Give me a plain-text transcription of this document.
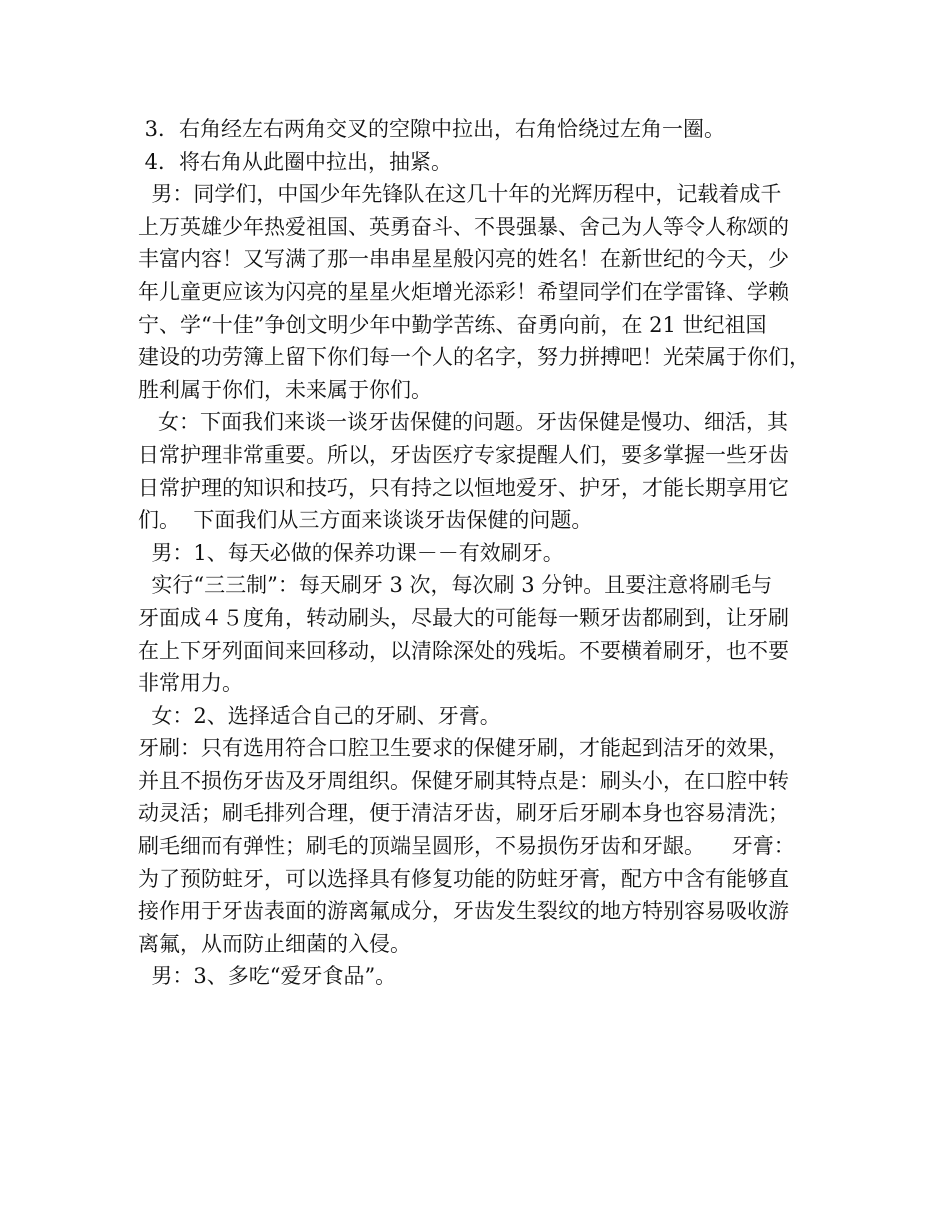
3．右角经左右两角交叉的空隙中拉出，右角恰绕过左角一圈。
4．将右角从此圈中拉出，抽紧。
男：同学们，中国少年先锋队在这几十年的光辉历程中，记载着成千
上万英雄少年热爱祖国、英勇奋斗、不畏强暴、舍己为人等令人称颂的
丰富内容！又写满了那一串串星星般闪亮的姓名！在新世纪的今天，少
年儿童更应该为闪亮的星星火炬增光添彩！希望同学们在学雷锋、学赖
宁、学“十佳”争创文明少年中勤学苦练、奋勇向前，在 21 世纪祖国
建设的功劳簿上留下你们每一个人的名字，努力拼搏吧！光荣属于你们，
胜利属于你们，未来属于你们。
女：下面我们来谈一谈牙齿保健的问题。牙齿保健是慢功、细活，其
日常护理非常重要。所以，牙齿医疗专家提醒人们，要多掌握一些牙齿
日常护理的知识和技巧，只有持之以恒地爱牙、护牙，才能长期享用它
们。  下面我们从三方面来谈谈牙齿保健的问题。
男：1、每天必做的保养功课－－有效刷牙。
实行“三三制”：每天刷牙 3 次，每次刷 3 分钟。且要注意将刷毛与
牙面成４５度角，转动刷头，尽最大的可能每一颗牙齿都刷到，让牙刷
在上下牙列面间来回移动，以清除深处的残垢。不要横着刷牙，也不要
非常用力。
女：2、选择适合自己的牙刷、牙膏。
牙刷：只有选用符合口腔卫生要求的保健牙刷，才能起到洁牙的效果，
并且不损伤牙齿及牙周组织。保健牙刷其特点是：刷头小，在口腔中转
动灵活；刷毛排列合理，便于清洁牙齿，刷牙后牙刷本身也容易清洗；
刷毛细而有弹性；刷毛的顶端呈圆形，不易损伤牙齿和牙龈。    牙膏：
为了预防蛀牙，可以选择具有修复功能的防蛀牙膏，配方中含有能够直
接作用于牙齿表面的游离氟成分，牙齿发生裂纹的地方特别容易吸收游
离氟，从而防止细菌的入侵。
男：3、多吃“爱牙食品”。
